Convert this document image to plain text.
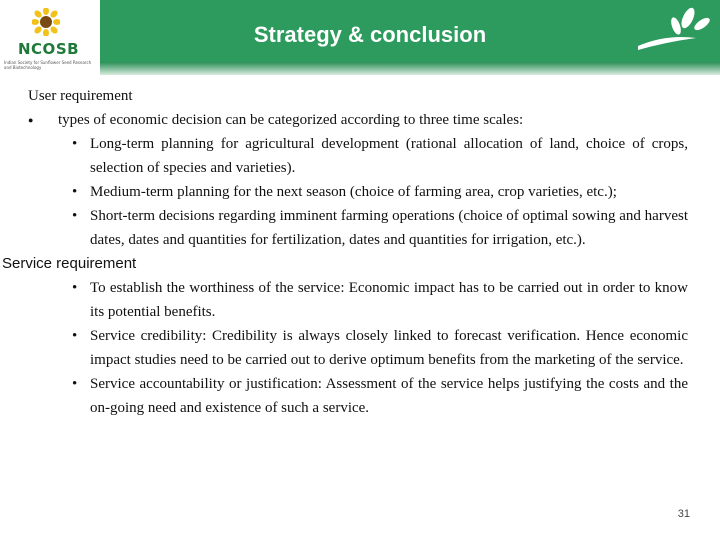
NCOSB
Indian Society for Sunflower Seed Research and Biotechnology
Strategy & conclusion
User requirement
●	types of economic decision can be categorized according to three time scales:
• Long-term planning for agricultural development (rational allocation of land, choice of crops, selection of species and varieties).
• Medium-term planning for the next season (choice of farming area, crop varieties, etc.);
• Short-term decisions regarding imminent farming operations (choice of optimal sowing and harvest dates, dates and quantities for fertilization, dates and quantities for irrigation, etc.).
Service requirement
• To establish the worthiness of the service: Economic impact has to be carried out in order to know its potential benefits.
• Service credibility: Credibility is always closely linked to forecast verification. Hence economic impact studies need to be carried out to derive optimum benefits from the marketing of the service.
• Service accountability or justification: Assessment of the service helps justifying the costs and the on-going need and existence of such a service.
31
